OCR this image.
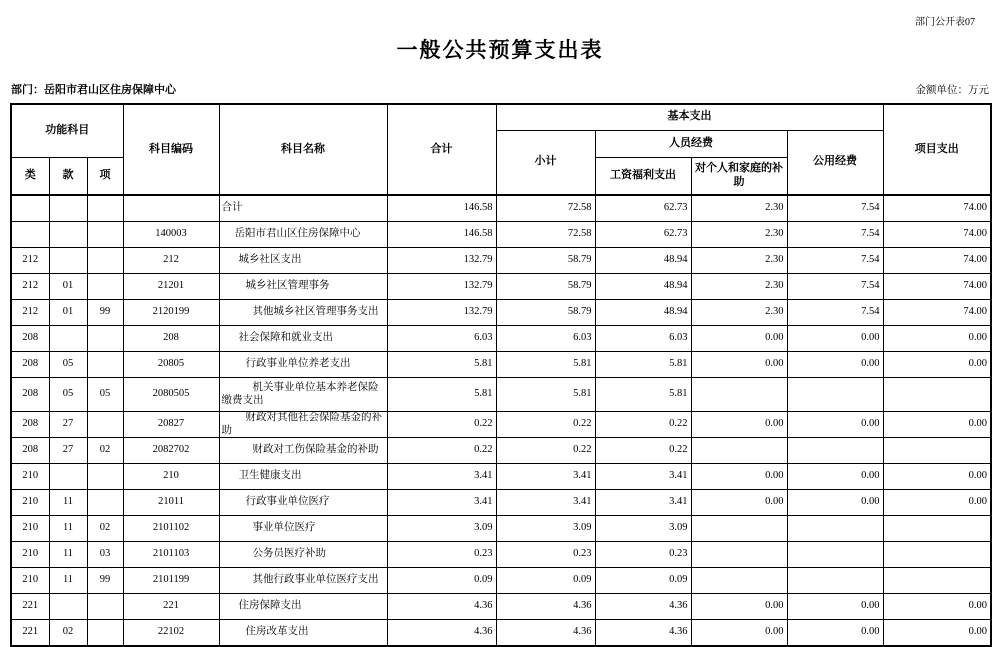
部门公开表07
一般公共预算支出表
部门：岳阳市君山区住房保障中心	金额单位：万元
功能科目			科目编码	科目名称	合计	基本支出				项目支出
						小计	人员经费		公用经费	
类	款	项					工资福利支出	对个人和家庭的补助		
				合计	146.58	72.58	62.73	2.30	7.54	74.00
			140003	岳阳市君山区住房保障中心	146.58	72.58	62.73	2.30	7.54	74.00
212			212	城乡社区支出	132.79	58.79	48.94	2.30	7.54	74.00
212	01		21201	城乡社区管理事务	132.79	58.79	48.94	2.30	7.54	74.00
212	01	99	2120199	其他城乡社区管理事务支出	132.79	58.79	48.94	2.30	7.54	74.00
208			208	社会保障和就业支出	6.03	6.03	6.03	0.00	0.00	0.00
208	05		20805	行政事业单位养老支出	5.81	5.81	5.81	0.00	0.00	0.00
208	05	05	2080505	机关事业单位基本养老保险缴费支出	5.81	5.81	5.81			
208	27		20827	财政对其他社会保险基金的补助	0.22	0.22	0.22	0.00	0.00	0.00
208	27	02	2082702	财政对工伤保险基金的补助	0.22	0.22	0.22			
210			210	卫生健康支出	3.41	3.41	3.41	0.00	0.00	0.00
210	11		21011	行政事业单位医疗	3.41	3.41	3.41	0.00	0.00	0.00
210	11	02	2101102	事业单位医疗	3.09	3.09	3.09			
210	11	03	2101103	公务员医疗补助	0.23	0.23	0.23			
210	11	99	2101199	其他行政事业单位医疗支出	0.09	0.09	0.09			
221			221	住房保障支出	4.36	4.36	4.36	0.00	0.00	0.00
221	02		22102	住房改革支出	4.36	4.36	4.36	0.00	0.00	0.00
